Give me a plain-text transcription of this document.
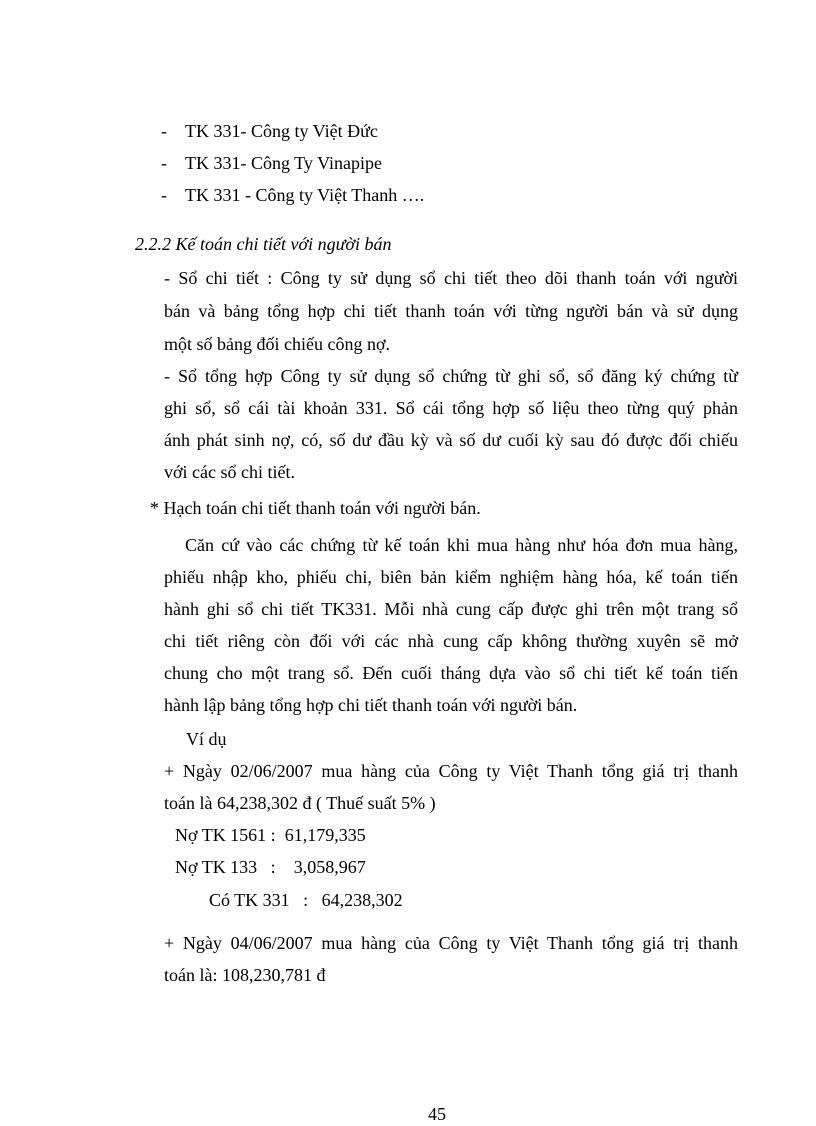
- TK 331- Công ty Việt Đức
- TK 331- Công Ty Vinapipe
- TK 331 - Công ty Việt Thanh ….
2.2.2 Kế toán chi tiết với người bán
- Sổ chi tiết : Công ty sử dụng sổ chi tiết theo dõi thanh toán với người
bán và bảng tổng hợp chi tiết thanh toán với từng người bán và sử dụng
một số bảng đối chiếu công nợ.
- Sổ tổng hợp Công ty sử dụng sổ chứng từ ghi sổ, sổ đăng ký chứng từ
ghi sổ, sổ cái tài khoản 331. Sổ cái tổng hợp số liệu theo từng quý phản
ánh phát sinh nợ, có, số dư đầu kỳ và số dư cuối kỳ sau đó được đối chiếu
với các sổ chi tiết.
* Hạch toán chi tiết thanh toán với người bán.
Căn cứ vào các chứng từ kế toán khi mua hàng như hóa đơn mua hàng,
phiếu nhập kho, phiếu chi, biên bản kiểm nghiệm hàng hóa, kế toán tiến
hành ghi sổ chi tiết TK331. Mỗi nhà cung cấp được ghi trên một trang sổ
chi tiết riêng còn đối với các nhà cung cấp không thường xuyên sẽ mở
chung cho một trang sổ. Đến cuối tháng dựa vào sổ chi tiết kế toán tiến
hành lập bảng tổng hợp chi tiết thanh toán với người bán.
Ví dụ
+ Ngày 02/06/2007 mua hàng của Công ty Việt Thanh tổng giá trị thanh
toán là 64,238,302 đ ( Thuế suất 5% )
Nợ TK 1561 :  61,179,335
Nợ TK 133   :    3,058,967
Có TK 331   :   64,238,302
+ Ngày 04/06/2007 mua hàng của Công ty Việt Thanh tổng giá trị thanh
toán là: 108,230,781 đ
45
